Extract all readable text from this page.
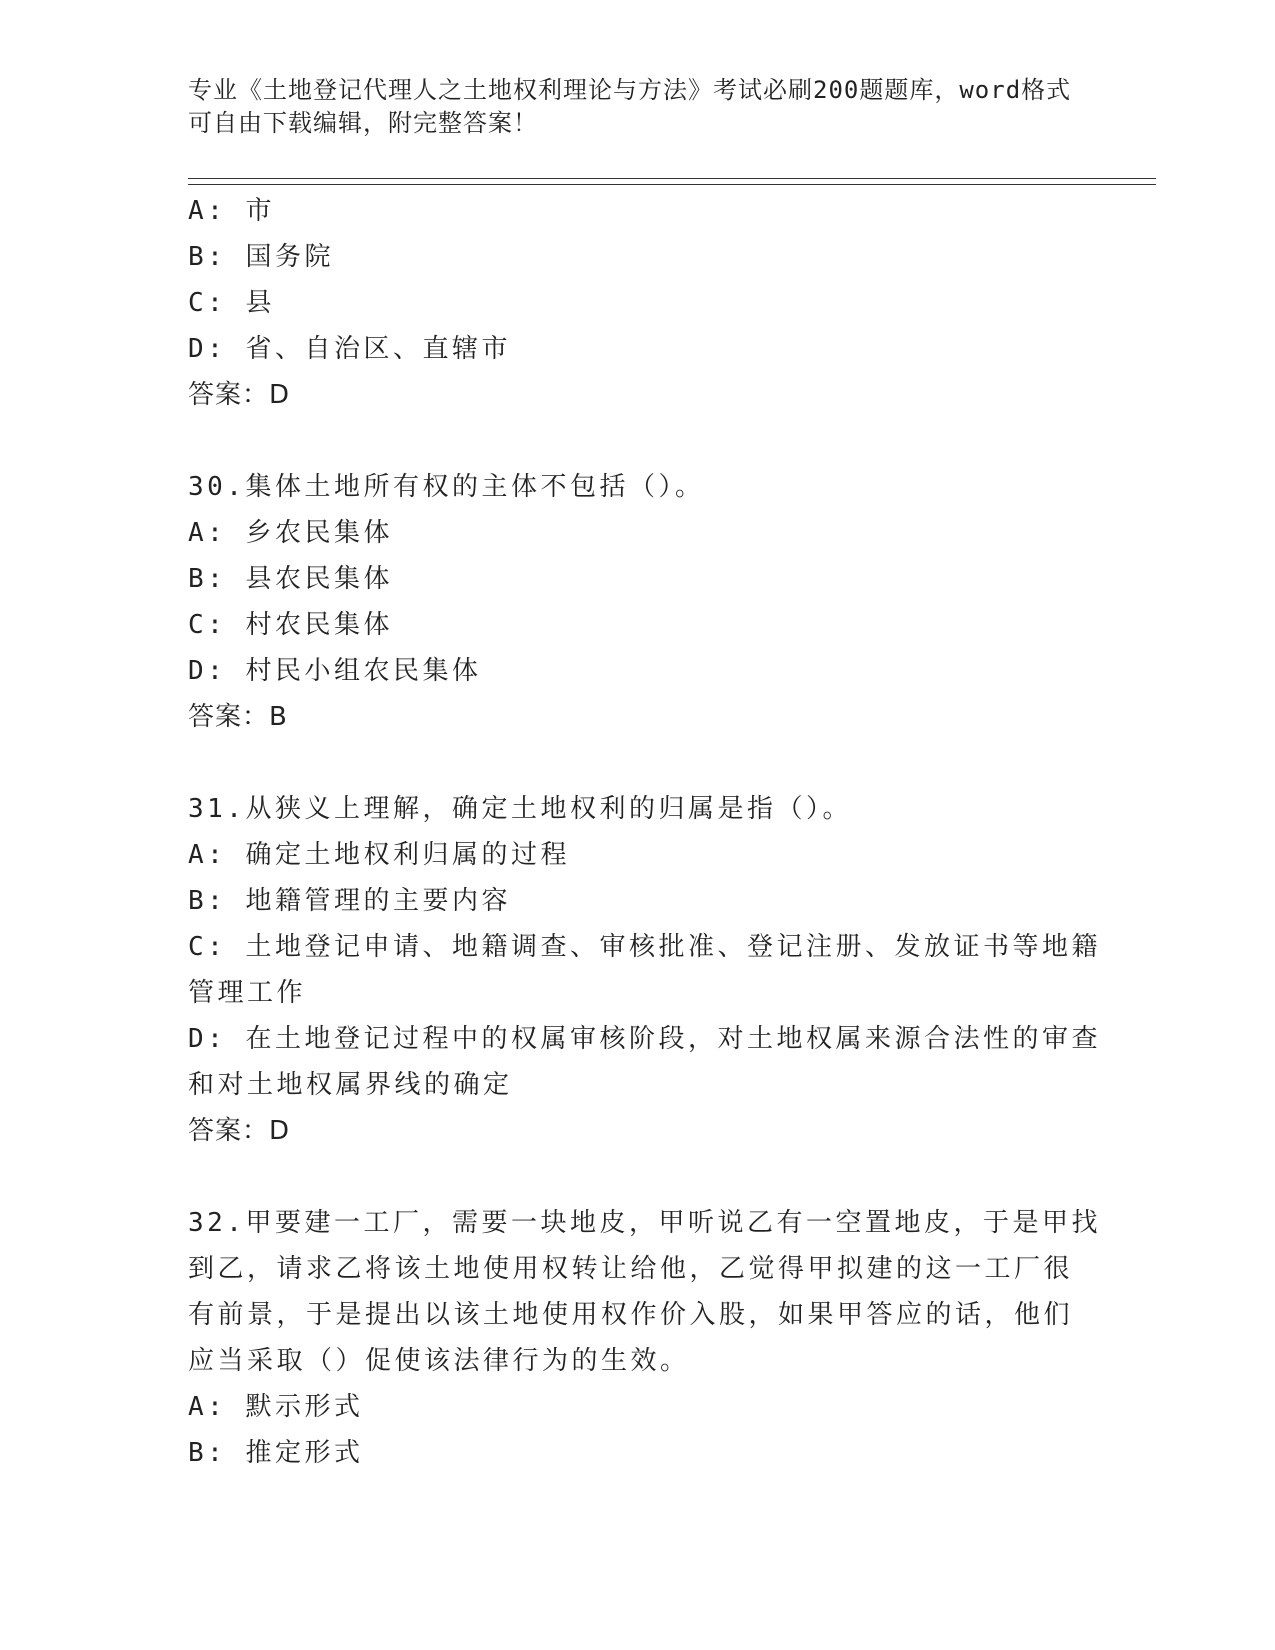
专业《土地登记代理人之土地权利理论与方法》考试必刷200题题库，word格式
可自由下载编辑，附完整答案！
A: 市
B: 国务院
C: 县
D: 省、自治区、直辖市
答案：D
30.集体土地所有权的主体不包括（）。
A: 乡农民集体
B: 县农民集体
C: 村农民集体
D: 村民小组农民集体
答案：B
31.从狭义上理解，确定土地权利的归属是指（）。
A: 确定土地权利归属的过程
B: 地籍管理的主要内容
C: 土地登记申请、地籍调查、审核批准、登记注册、发放证书等地籍
管理工作
D: 在土地登记过程中的权属审核阶段，对土地权属来源合法性的审查
和对土地权属界线的确定
答案：D
32.甲要建一工厂，需要一块地皮，甲听说乙有一空置地皮，于是甲找
到乙，请求乙将该土地使用权转让给他，乙觉得甲拟建的这一工厂很
有前景，于是提出以该土地使用权作价入股，如果甲答应的话，他们
应当采取（）促使该法律行为的生效。
A: 默示形式
B: 推定形式
